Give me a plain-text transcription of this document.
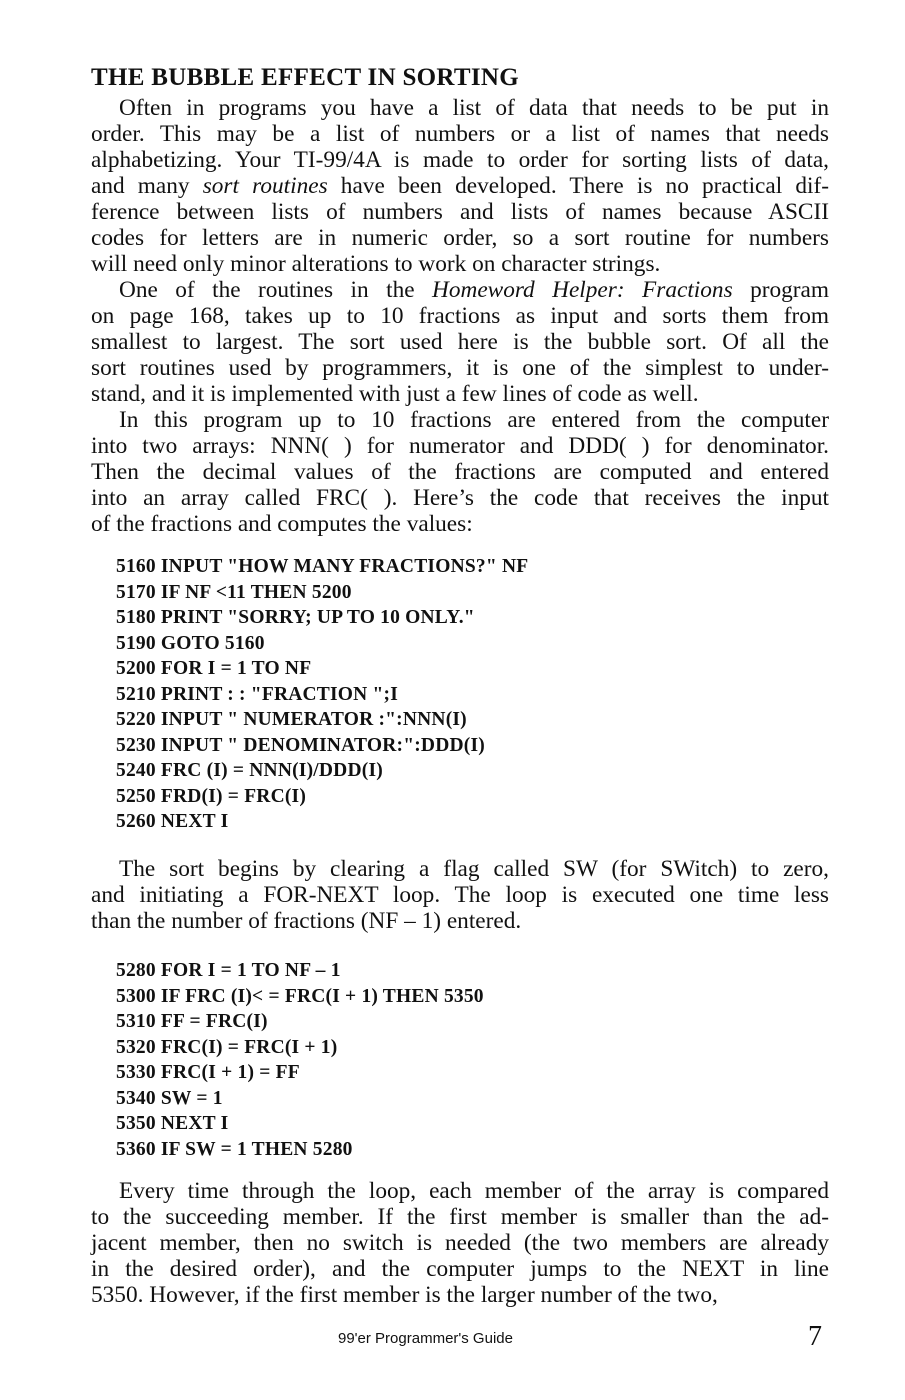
THE BUBBLE EFFECT IN SORTING
Often in programs you have a list of data that needs to be put in
order. This may be a list of numbers or a list of names that needs
alphabetizing. Your TI-99/4A is made to order for sorting lists of data,
and many sort routines have been developed. There is no practical dif-
ference between lists of numbers and lists of names because ASCII
codes for letters are in numeric order, so a sort routine for numbers
will need only minor alterations to work on character strings.
One of the routines in the Homeword Helper: Fractions program
on page 168, takes up to 10 fractions as input and sorts them from
smallest to largest. The sort used here is the bubble sort. Of all the
sort routines used by programmers, it is one of the simplest to under-
stand, and it is implemented with just a few lines of code as well.
In this program up to 10 fractions are entered from the computer
into two arrays: NNN( ) for numerator and DDD( ) for denominator.
Then the decimal values of the fractions are computed and entered
into an array called FRC( ). Here’s the code that receives the input
of the fractions and computes the values:
5160 INPUT "HOW MANY FRACTIONS?" NF
5170 IF NF <11 THEN 5200
5180 PRINT "SORRY; UP TO 10 ONLY."
5190 GOTO 5160
5200 FOR I = 1 TO NF
5210 PRINT : : "FRACTION ";I
5220 INPUT " NUMERATOR :":NNN(I)
5230 INPUT " DENOMINATOR:":DDD(I)
5240 FRC (I) = NNN(I)/DDD(I)
5250 FRD(I) = FRC(I)
5260 NEXT I
The sort begins by clearing a flag called SW (for SWitch) to zero,
and initiating a FOR-NEXT loop. The loop is executed one time less
than the number of fractions (NF – 1) entered.
5280 FOR I = 1 TO NF – 1
5300 IF FRC (I)< = FRC(I + 1) THEN 5350
5310 FF = FRC(I)
5320 FRC(I) = FRC(I + 1)
5330 FRC(I + 1) = FF
5340 SW = 1
5350 NEXT I
5360 IF SW = 1 THEN 5280
Every time through the loop, each member of the array is compared
to the succeeding member. If the first member is smaller than the ad-
jacent member, then no switch is needed (the two members are already
in the desired order), and the computer jumps to the NEXT in line
5350. However, if the first member is the larger number of the two,
99'er Programmer's Guide	7
